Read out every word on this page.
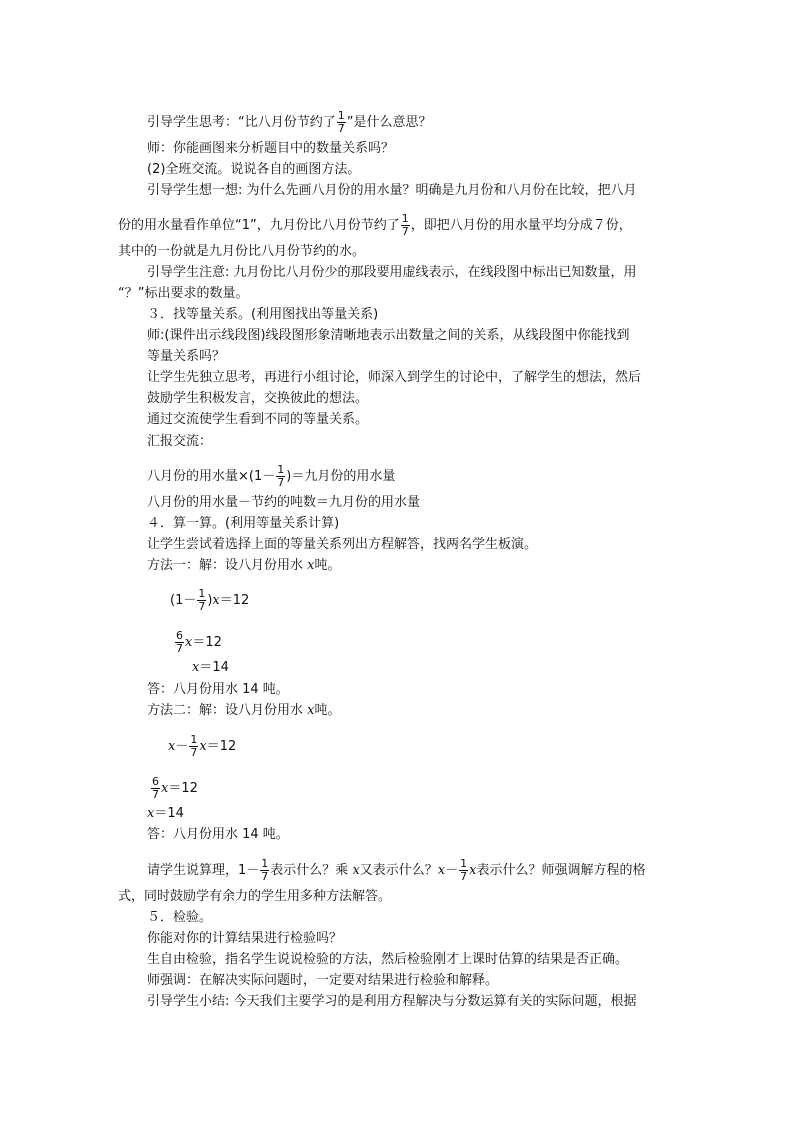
引导学生思考：“比八月份节约了 $\frac{1}{7}$ ”是什么意思？
师：你能画图来分析题目中的数量关系吗？
(2)全班交流。说说各自的画图方法。
引导学生想一想: 为什么先画八月份的用水量？明确是九月份和八月份在比较，把八月
份的用水量看作单位“1”，九月份比八月份节约了 $\frac{1}{7}$ ，即把八月份的用水量平均分成７份，
其中的一份就是九月份比八月份节约的水。
引导学生注意: 九月份比八月份少的那段要用虚线表示，在线段图中标出已知数量，用
“？”标出要求的数量。
３．找等量关系。(利用图找出等量关系)
师:(课件出示线段图)线段图形象清晰地表示出数量之间的关系，从线段图中你能找到
等量关系吗？
让学生先独立思考，再进行小组讨论，师深入到学生的讨论中，了解学生的想法，然后
鼓励学生积极发言，交换彼此的想法。
通过交流使学生看到不同的等量关系。
汇报交流：
八月份的用水量$\times(1- \frac{1}{7}$ )＝九月份的用水量
八月份的用水量－节约的吨数＝九月份的用水量
４．算一算。(利用等量关系计算)
让学生尝试着选择上面的等量关系列出方程解答，找两名学生板演。
方法一：解：设八月份用水 x吨。
$(1- \frac{1}{7} )x=12$
$\frac{6}{7} x=12$
x＝14
答：八月份用水 14 吨。
方法二：解：设八月份用水 x吨。
$x- \frac{1}{7} x=12$
$\frac{6}{7} x=12$
x＝14
答：八月份用水 14 吨。
请学生说算理，$1- \frac{1}{7}$ 表示什么？乘 x又表示什么？$x- \frac{1}{7}$ x表示什么？师强调解方程的格
式，同时鼓励学有余力的学生用多种方法解答。
５．检验。
你能对你的计算结果进行检验吗？
生自由检验，指名学生说说检验的方法，然后检验刚才上课时估算的结果是否正确。
师强调：在解决实际问题时，一定要对结果进行检验和解释。
引导学生小结: 今天我们主要学习的是利用方程解决与分数运算有关的实际问题，根据
